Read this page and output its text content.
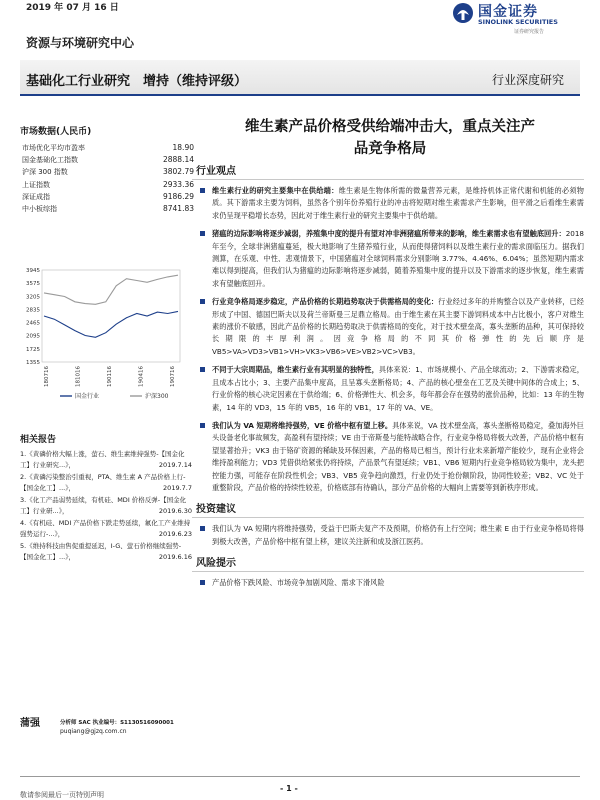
2019 年 07 月 16 日	国金证券
SINOLINK SECURITIES
证券研究报告
资源与环境研究中心
基础化工行业研究　增持（维持评级）	行业深度研究
市场数据(人民币)
市场优化平均市盈率	18.90
国金基础化工指数	2888.14
沪深 300 指数	3802.79
上证指数	2933.36
深证成指	9186.29
中小板综指	8741.83
3945
3575
3205
2835
2465
2095
1725
1355
180716	181016	190116	190416	190716
国金行业	沪深300
相关报告
1.《黄磷价格大幅上涨，萤石、维生素维持强势-【国金化工】行业研究...》，	2019.7.14
2.《黄磷污染整治引重视，PTA、维生素 A 产品价格上行-【国金化工】...》，	2019.7.7
3.《化工产品弱势延续，有机硅、MDI 价格反弹-【国金化工】行业研...》，	2019.6.30
4.《有机硅、MDI 产品价格下跌走势延续，氟化工产业维持强势运行-...》，	2019.6.23
5.《维持科技由售促重提延迟，I-G、萤石价格继续强势-【国金化工】...》，	2019.6.16
蒲强	分析师 SAC 执业编号：S1130516090001
puqiang@gjzq.com.cn
维生素产品价格受供给端冲击大，重点关注产
品竞争格局
行业观点
维生素行业的研究主要集中在供给端：维生素是生物体所需的微量营养元素，是维持机体正常代谢和机能的必须物质。其下游需求主要为饲料，虽然各个别年份养殖行业的冲击将短期对维生素需求产生影响，但平滑之后看维生素需求仍呈现平稳增长态势，因此对于维生素行业的研究主要集中于供给端。
猪瘟的边际影响将逐步减弱，养殖集中度的提升有望对冲非洲猪瘟所带来的影响，维生素需求也有望触底回升：2018 年至今，全球非洲猪瘟蔓延，极大地影响了生猪养殖行业，从而使得猪饲料以及维生素行业的需求面临压力。据我们测算，在乐观、中性、悲观情景下，中国猪瘟对全球饲料需求分别影响 3.77%、4.46%、6.04%；虽然短期内需求难以得到提高，但我们认为猪瘟的边际影响将逐步减弱，随着养殖集中度的提升以及下游需求的逐步恢复，维生素需求有望触底回升。
行业竞争格局逐步稳定，产品价格的长期趋势取决于供需格局的变化：行业经过多年的并购整合以及产业转移，已经形成了中国、德国巴斯夫以及荷兰帝斯曼三足鼎立格局。由于维生素在其主要下游饲料成本中占比极小，客户对维生素的涨价不敏感，因此产品价格的长期趋势取决于供需格局的变化，对于技术壁垒高，寡头垄断的品种，其可保持较长期限的丰厚利润。因竞争格局的不同其价格弹性的先后顺序是 VB5>VA>VD3>VB1>VH>VK3>VB6>VE>VB2>VC>VB3。
不同于大宗周期品，维生素行业有其明显的独特性，具体来说：1、市场规模小、产品全球流动；2、下游需求稳定，且成本占比小；3、主要产品集中度高，且呈寡头垄断格局；4、产品的核心壁垒在工艺及关键中间体的合成上；5、行业价格的核心决定因素在于供给端；6、价格弹性大、机会多，每年都会存在强势的涨价品种，比如：13 年的生物素，14 年的 VD3，15 年的 VB5，16 年的 VB1，17 年的 VA、VE。
我们认为 VA 短期将维持强势，VE 价格中枢有望上移。具体来说，VA 技术壁垒高，寡头垄断格局稳定，叠加海外巨头设备老化事故频发，高盈利有望持续；VE 由于帝斯曼与能特战略合作，行业竞争格局将极大改善，产品价格中枢有望显著抬升；VK3 由于铬矿资源的稀缺及环保因素，产品的格局已相当，预计行业未来新增产能较少，现有企业将会维持盈利能力；VD3 凭借供给紧张仍将持续，产品景气有望延续；VB1、VB6 短期内行业竞争格局较为集中，龙头把控能力强，可能存在阶段性机会；VB3、VB5 竞争趋向激烈，行业仍处于抢份额阶段，协同性较差；VB2、VC 处于重整阶段，产品价格的持续性较差，价格底部有待确认，部分产品价格的大幅向上需要等到新秩序形成。
投资建议
我们认为 VA 短期内将维持强势，受益于巴斯夫复产不及预期，价格仍有上行空间；维生素 E 由于行业竞争格局将得到极大改善，产品价格中枢有望上移，建议关注新和成及浙江医药。
风险提示
产品价格下跌风险、市场竞争加剧风险、需求下滑风险
- 1 -
敬请参阅最后一页特别声明
